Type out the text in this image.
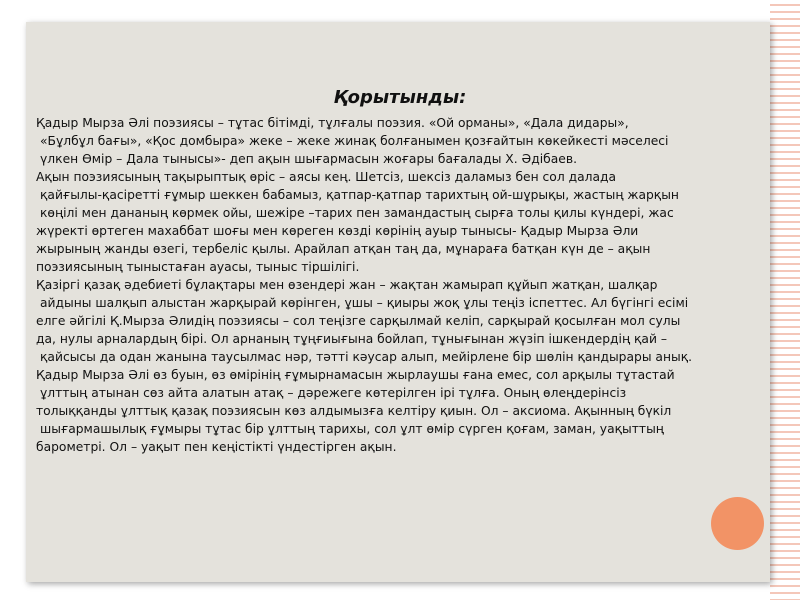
Қорытынды:
Қадыр Мырза Әлі поэзиясы – тұтас бітімді, тұлғалы поэзия. «Ой орманы», «Дала дидары»,
«Бұлбұл бағы», «Қос домбыра» жеке – жеке жинақ болғанымен қозғайтын көкейкесті мәселесі
үлкен Өмір – Дала тынысы»- деп ақын шығармасын жоғары бағалады Х. Әдібаев.
Ақын поэзиясының тақырыптық өріс – аясы кең. Шетсіз, шексіз даламыз бен сол далада
қайғылы-қасіретті ғұмыр шеккен бабамыз, қатпар-қатпар тарихтың ой-шұрықы, жастың жарқын
көңілі мен дананың көрмек ойы, шежіре –тарих пен замандастың сырға толы қилы күндері, жас
жүректі өртеген махаббат шоғы мен көреген көзді көрінің ауыр тынысы- Қадыр Мырза Әли
жырының жанды өзегі, тербеліс қылы. Арайлап атқан таң да, мұнараға батқан күн де – ақын
поэзиясының тыныстаған ауасы, тыныс тіршілігі.
Қазіргі қазақ әдебиеті бұлақтары мен өзендері жан – жақтан жамырап құйып жатқан, шалқар
айдыны шалқып алыстан жарқырай көрінген, ұшы – қиыры жоқ ұлы теңіз іспеттес. Ал бүгінгі есімі
елге әйгілі Қ.Мырза Әлидің поэзиясы – сол теңізге сарқылмай келіп, сарқырай қосылған мол сулы
да, нулы арналардың бірі. Ол арнаның тұңғиығына бойлап, тұнығынан жүзіп ішкендердің қай –
қайсысы да одан жанына таусылмас нәр, тәтті кәусар алып, мейірлене бір шөлін қандырары анық.
Қадыр Мырза Әлі өз буын, өз өмірінің ғұмырнамасын жырлаушы ғана емес, сол арқылы тұтастай
ұлттың атынан сөз айта алатын атақ – дәрежеге көтерілген ірі тұлға. Оның өлеңдерінсіз
толыққанды ұлттық қазақ поэзиясын көз алдымызға келтіру қиын. Ол – аксиома. Ақынның бүкіл
шығармашылық ғұмыры тұтас бір ұлттың тарихы, сол ұлт өмір сүрген қоғам, заман, уақыттың
барометрі. Ол – уақыт пен кеңістікті үндестірген ақын.
